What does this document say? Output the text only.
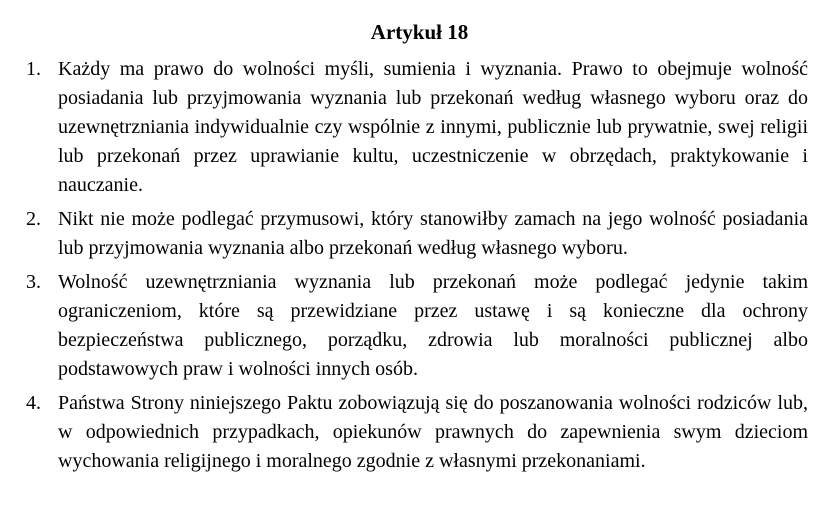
Artykuł 18
1. Każdy ma prawo do wolności myśli, sumienia i wyznania. Prawo to obejmuje wolność posiadania lub przyjmowania wyznania lub przekonań według własnego wyboru oraz do uzewnętrzniania indywidualnie czy wspólnie z innymi, publicznie lub prywatnie, swej religii lub przekonań przez uprawianie kultu, uczestniczenie w obrzędach, praktykowanie i nauczanie.
2. Nikt nie może podlegać przymusowi, który stanowiłby zamach na jego wolność posiadania lub przyjmowania wyznania albo przekonań według własnego wyboru.
3. Wolność uzewnętrzniania wyznania lub przekonań może podlegać jedynie takim ograniczeniom, które są przewidziane przez ustawę i są konieczne dla ochrony bezpieczeństwa publicznego, porządku, zdrowia lub moralności publicznej albo podstawowych praw i wolności innych osób.
4. Państwa Strony niniejszego Paktu zobowiązują się do poszanowania wolności rodziców lub, w odpowiednich przypadkach, opiekunów prawnych do zapewnienia swym dzieciom wychowania religijnego i moralnego zgodnie z własnymi przekonaniami.
